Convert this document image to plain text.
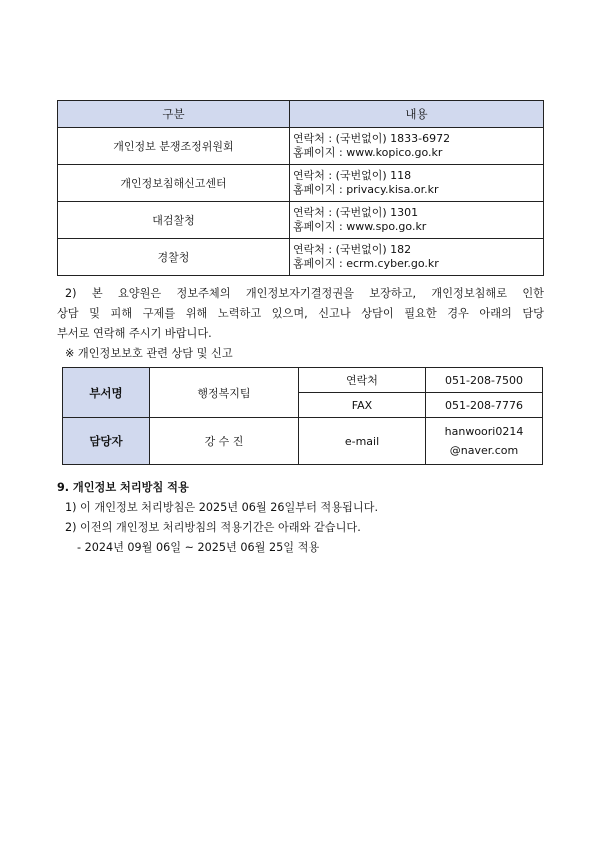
구분	내용
개인정보 분쟁조정위원회	연락처 : (국번없이) 1833-6972
홈페이지 : www.kopico.go.kr

개인정보침해신고센터	연락처 : (국번없이) 118
홈페이지 : privacy.kisa.or.kr

대검찰청	연락처 : (국번없이) 1301
홈페이지 : www.spo.go.kr

경찰청	연락처 : (국번없이) 182
홈페이지 : ecrm.cyber.go.kr
2) 본 요양원은 정보주체의 개인정보자기결정권을 보장하고, 개인정보침해로 인한
상담 및 피해 구제를 위해 노력하고 있으며, 신고나 상담이 필요한 경우 아래의 담당
부서로 연락해 주시기 바랍니다.
※ 개인정보보호 관련 상담 및 신고
부서명	행정복지팀	연락처	051-208-7500
		FAX	051-208-7776
담당자	강 수 진	e-mail	hanwoori0214
@naver.com
9. 개인정보 처리방침 적용
1) 이 개인정보 처리방침은 2025년 06월 26일부터 적용됩니다.
2) 이전의 개인정보 처리방침의 적용기간은 아래와 같습니다.
- 2024년 09월 06일 ~ 2025년 06월 25일 적용
